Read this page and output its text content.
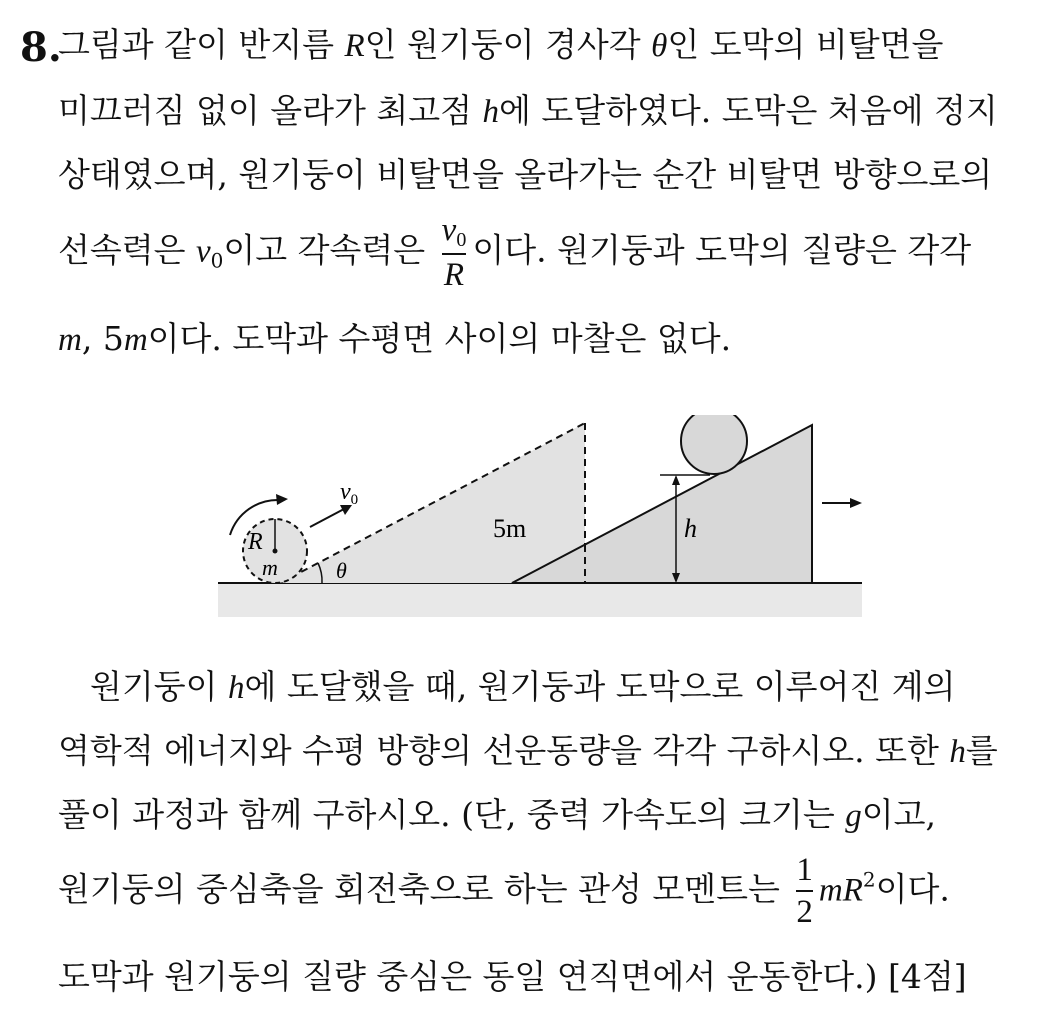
8.
그림과 같이 반지름 R인 원기둥이 경사각 θ인 도막의 비탈면을
미끄러짐 없이 올라가 최고점 h에 도달하였다. 도막은 처음에 정지
상태였으며, 원기둥이 비탈면을 올라가는 순간 비탈면 방향으로의
선속력은 $v_0$이고 각속력은 $\frac{v_0}{R}$ 이다. 원기둥과 도막의 질량은 각각
m, 5m이다. 도막과 수평면 사이의 마찰은 없다.
h
5m
R
m
$v_0$
θ
원기둥이 h에 도달했을 때, 원기둥과 도막으로 이루어진 계의
역학적 에너지와 수평 방향의 선운동량을 각각 구하시오. 또한 h를
풀이 과정과 함께 구하시오. (단, 중력 가속도의 크기는 g이고,
원기둥의 중심축을 회전축으로 하는 관성 모멘트는 $\frac{1}{2} mR^2$이다.
도막과 원기둥의 질량 중심은 동일 연직면에서 운동한다.) [4점]
